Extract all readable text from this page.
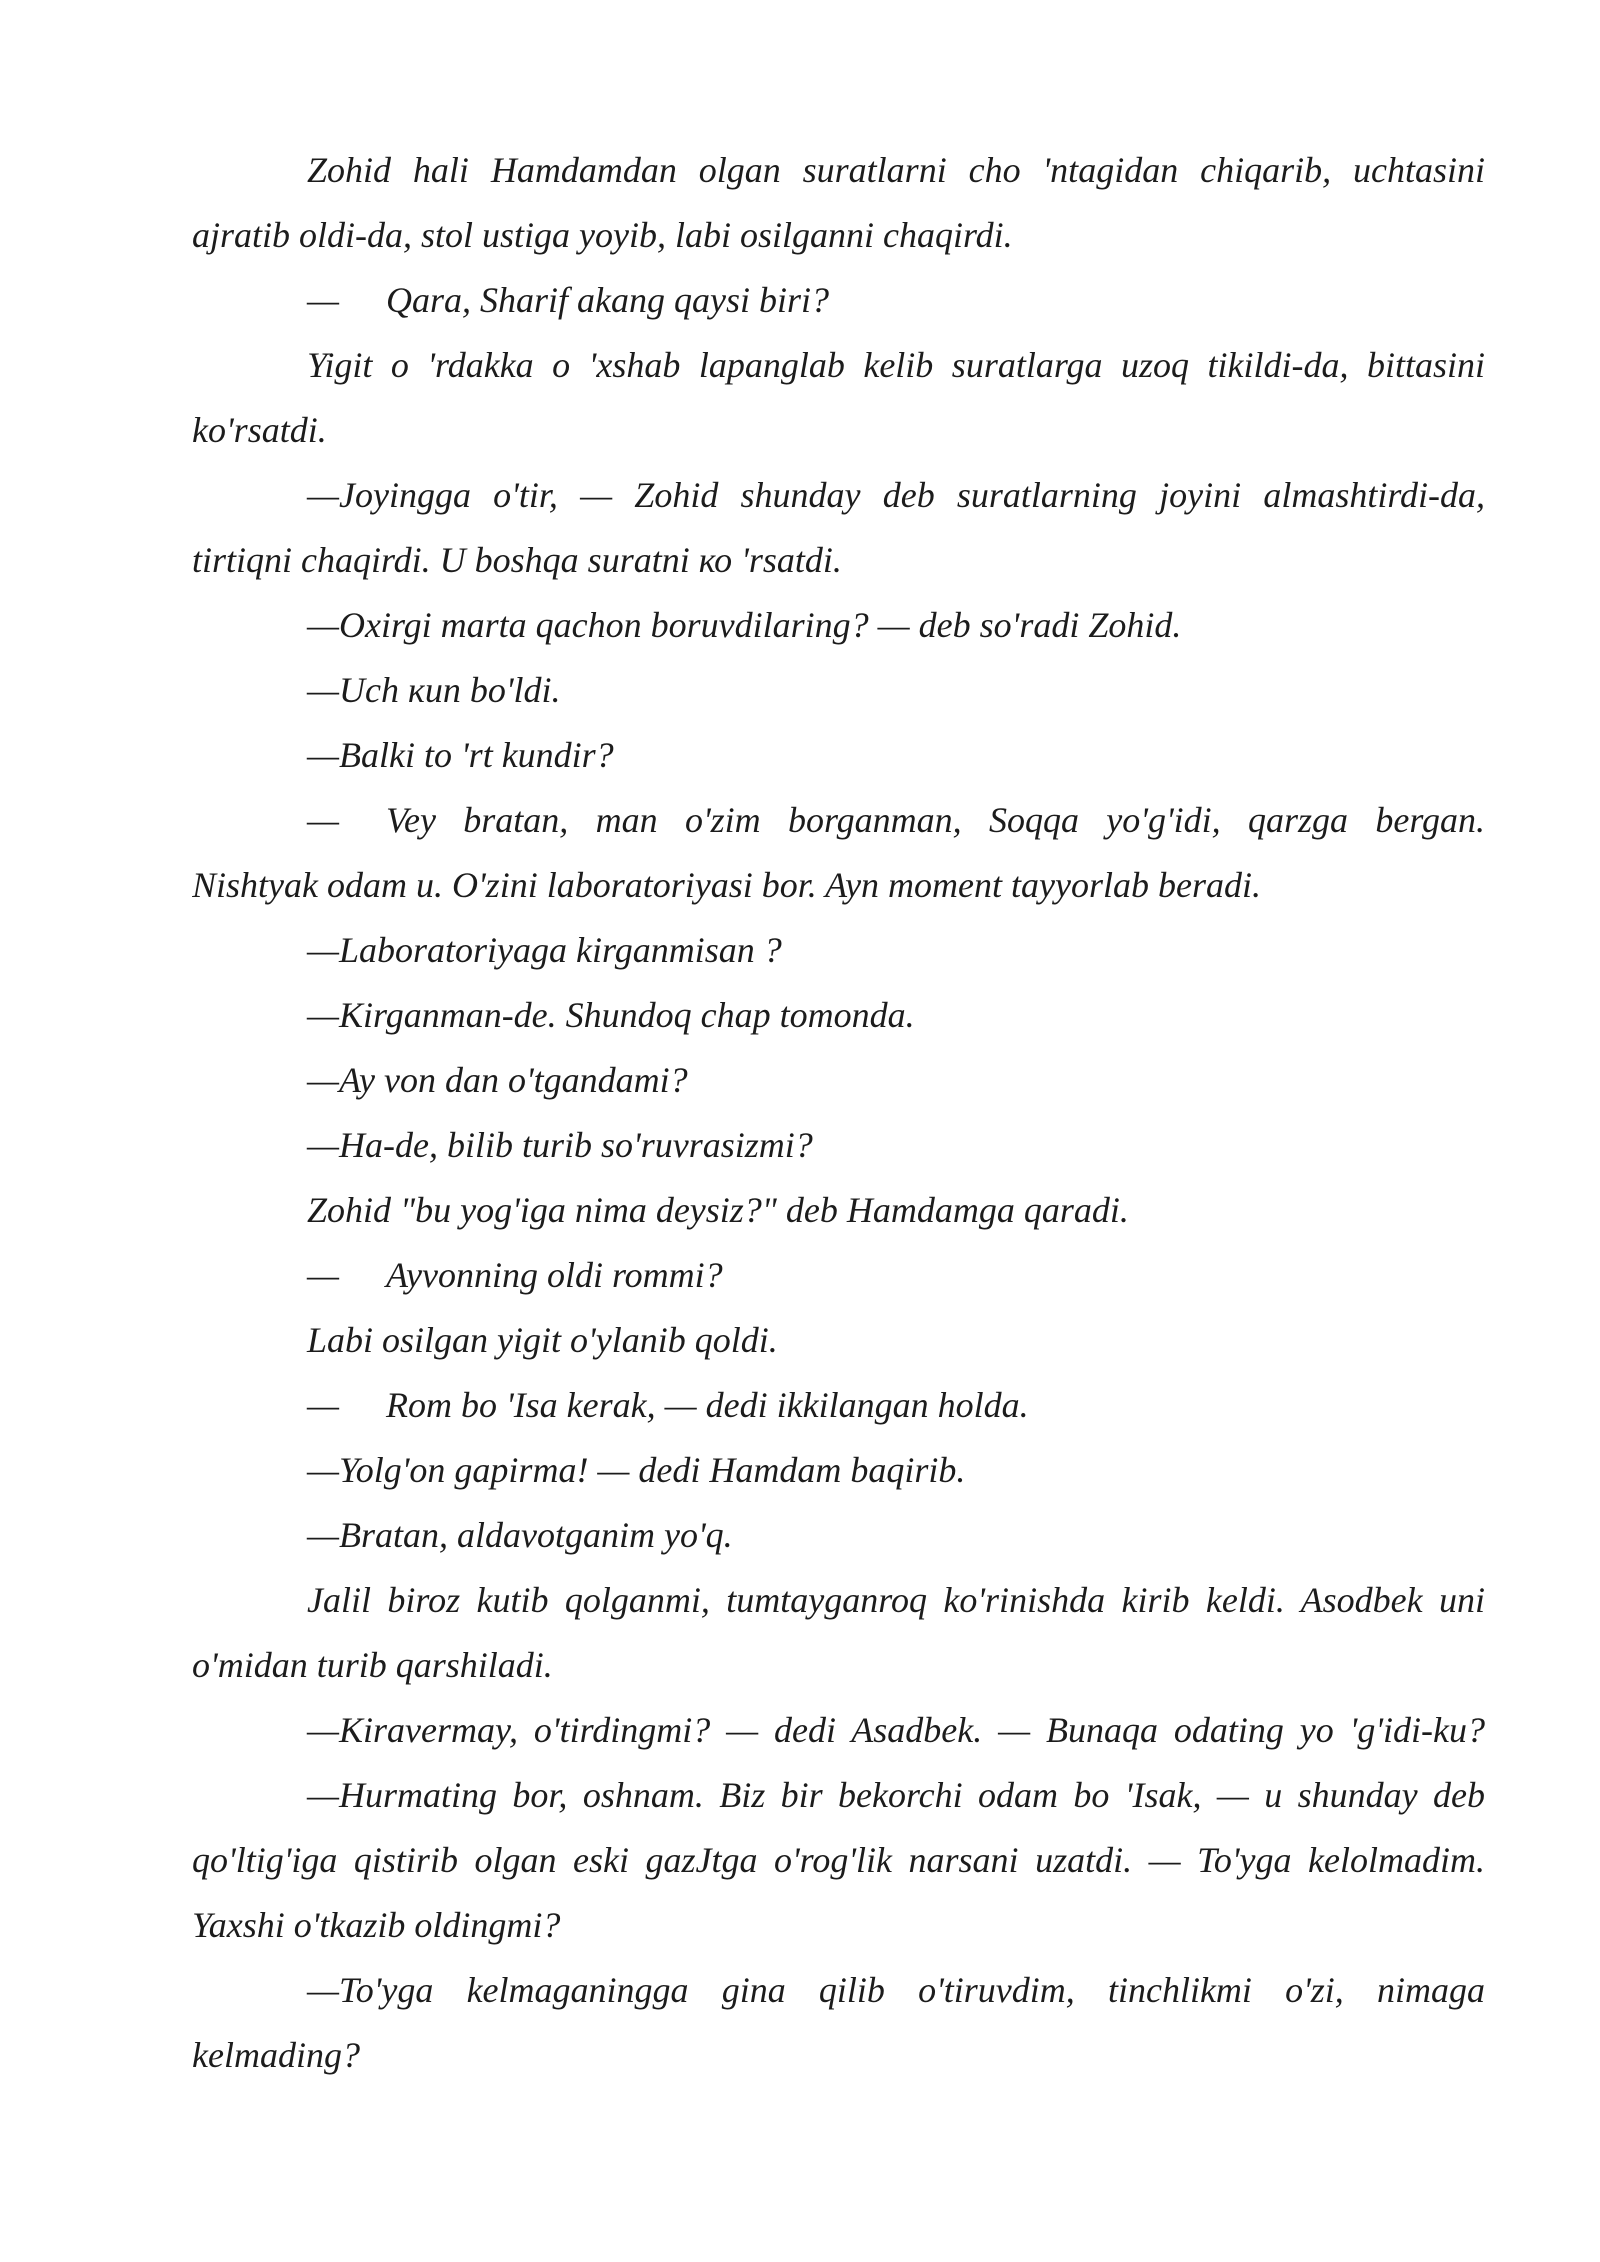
Zohid hali Hamdamdan olgan suratlarni cho 'ntagidan chiqarib, uchtasini
ajratib oldi-da, stol ustiga yoyib, labi osilganni chaqirdi.
— Qara, Sharif akang qaysi biri?
Yigit o 'rdakka o 'xshab lapanglab kelib suratlarga uzoq tikildi-da, bittasini
ko'rsatdi.
—Joyingga o'tir, — Zohid shunday deb suratlarning joyini almashtirdi-da,
tirtiqni chaqirdi. U boshqa suratni ко 'rsatdi.
—Oxirgi marta qachon boruvdilaring? — deb so'radi Zohid.
—Uch кип bo'ldi.
—Balki to 'rt kundir?
— Vey bratan, man o'zim borganman, Soqqa yo'g'idi, qarzga bergan.
Nishtyak odam u. O'zini laboratoriyasi bor. Ayn moment tayyorlab beradi.
—Laboratoriyaga kirganmisan ?
—Kirganman-de. Shundoq chap tomonda.
—Ay von dan o'tgandami?
—Ha-de, bilib turib so'ruvrasizmi?
Zohid "bu yog'iga nima deysiz?" deb Hamdamga qaradi.
— Ayvonning oldi rommi?
Labi osilgan yigit o'ylanib qoldi.
— Rom bo 'Isa kerak, — dedi ikkilangan holda.
—Yolg'on gapirma! — dedi Hamdam baqirib.
—Bratan, aldavotganim yo'q.
Jalil biroz kutib qolganmi, tumtayganroq ko'rinishda kirib keldi. Asodbek uni
o'midan turib qarshiladi.
—Kiravermay, o'tirdingmi? — dedi Asadbek. — Bunaqa odating yo 'g'idi-ku?
—Hurmating bor, oshnam. Biz bir bekorchi odam bo 'Isak, — u shunday deb
qo'ltig'iga qistirib olgan eski gazJtga o'rog'lik narsani uzatdi. — To'yga kelolmadim.
Yaxshi o'tkazib oldingmi?
—To'yga kelmaganingga gina qilib o'tiruvdim, tinchlikmi o'zi, nimaga
kelmading?
